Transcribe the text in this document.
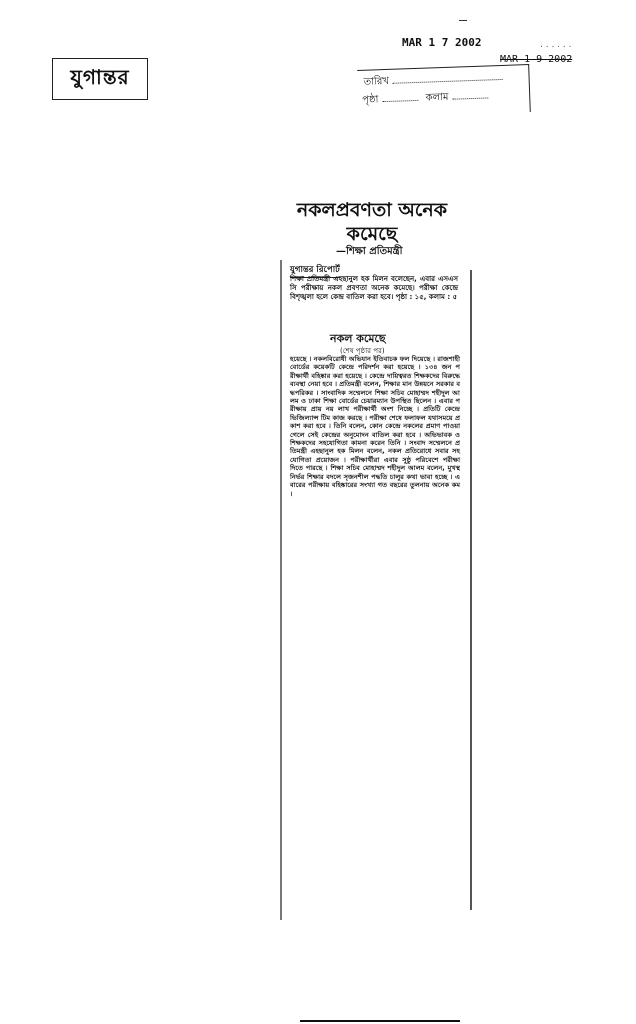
যুগান্তর
MAR 1 7 2002	. . . . . .
MAR 1 9 2002
তারিখ
পৃষ্ঠা	কলাম
নকলপ্রবণতা অনেক
কমেছে
—শিক্ষা প্রতিমন্ত্রী
যুগান্তর রিপোর্ট
শিক্ষা প্রতিমন্ত্রী এহছানুল হক মিলন বলেছেন, এবার এসএসসি পরীক্ষায় নকল প্রবণতা অনেক কমেছে। পরীক্ষা কেন্দ্রে বিশৃঙ্খলা হলে কেন্দ্র বাতিল করা হবে। পৃষ্ঠা : ১৫, কলাম : ৫
নকল কমেছে
(শেষ পৃষ্ঠার পর)
হয়েছে । নকলবিরোধী অভিযান ইতিবাচক ফল দিয়েছে । রাজশাহী বোর্ডের কয়েকটি কেন্দ্রে পরিদর্শন করা হয়েছে । ১৩৪ জন পরীক্ষার্থী বহিষ্কার করা হয়েছে । কেন্দ্রে দায়িত্বরত শিক্ষকদের বিরুদ্ধে ব্যবস্থা নেয়া হবে । প্রতিমন্ত্রী বলেন, শিক্ষার মান উন্নয়নে সরকার বদ্ধপরিকর । সাংবাদিক সম্মেলনে শিক্ষা সচিব মোহাম্মদ শহীদুল আলম ও ঢাকা শিক্ষা বোর্ডের চেয়ারম্যান উপস্থিত ছিলেন । এবার পরীক্ষায় প্রায় নয় লাখ পরীক্ষার্থী অংশ নিচ্ছে । প্রতিটি কেন্দ্রে ভিজিল্যান্স টিম কাজ করছে । পরীক্ষা শেষে ফলাফল যথাসময়ে প্রকাশ করা হবে । তিনি বলেন, কোন কেন্দ্রে নকলের প্রমাণ পাওয়া গেলে সেই কেন্দ্রের অনুমোদন বাতিল করা হবে । অভিভাবক ও শিক্ষকদের সহযোগিতা কামনা করেন তিনি । সংবাদ সম্মেলনে প্রতিমন্ত্রী এহছানুল হক মিলন বলেন, নকল প্রতিরোধে সবার সহযোগিতা প্রয়োজন । পরীক্ষার্থীরা এবার সুষ্ঠু পরিবেশে পরীক্ষা দিতে পারছে । শিক্ষা সচিব মোহাম্মদ শহীদুল আলম বলেন, মুখস্থনির্ভর শিক্ষার বদলে সৃজনশীল পদ্ধতি চালুর কথা ভাবা হচ্ছে । এবারের পরীক্ষায় বহিষ্কারের সংখ্যা গত বছরের তুলনায় অনেক কম ।
